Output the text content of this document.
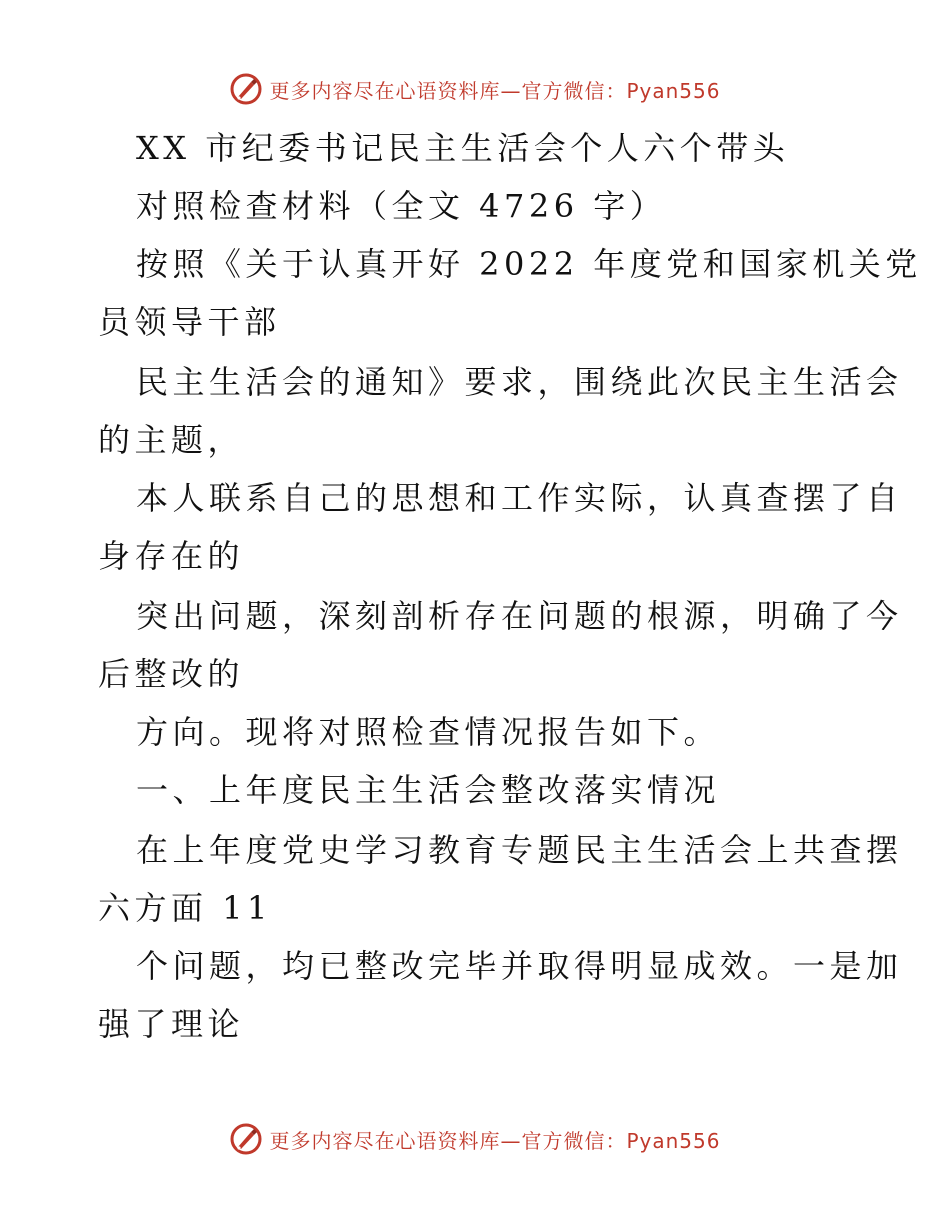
更多内容尽在心语资料库—官方微信：Pyan556
XX 市纪委书记民主生活会个人六个带头
对照检查材料（全文 4726 字）
按照《关于认真开好 2022 年度党和国家机关党
员领导干部
民主生活会的通知》要求，围绕此次民主生活会
的主题，
本人联系自己的思想和工作实际，认真查摆了自
身存在的
突出问题，深刻剖析存在问题的根源，明确了今
后整改的
方向。现将对照检查情况报告如下。
一、上年度民主生活会整改落实情况
在上年度党史学习教育专题民主生活会上共查摆
六方面 11
个问题，均已整改完毕并取得明显成效。一是加
强了理论
更多内容尽在心语资料库—官方微信：Pyan556
